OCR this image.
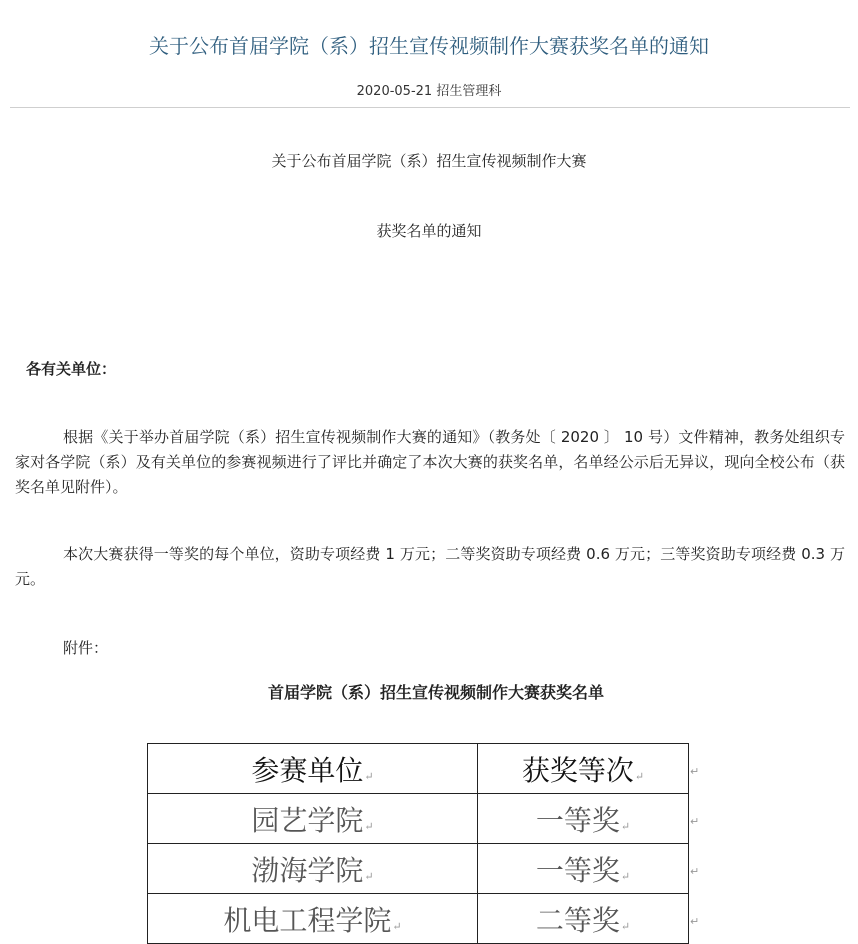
关于公布首届学院（系）招生宣传视频制作大赛获奖名单的通知
2020-05-21 招生管理科
关于公布首届学院（系）招生宣传视频制作大赛
获奖名单的通知
各有关单位：

根据《关于举办首届学院（系）招生宣传视频制作大赛的通知》（教务处〔 2020 〕 10 号）文件精神，教务处组织专家对各学院（系）及有关单位的参赛视频进行了评比并确定了本次大赛的获奖名单，名单经公示后无异议，现向全校公布（获奖名单见附件）。

本次大赛获得一等奖的每个单位，资助专项经费 1 万元；二等奖资助专项经费 0.6 万元；三等奖资助专项经费 0.3 万元。

附件：
首届学院（系）招生宣传视频制作大赛获奖名单
参赛单位↵	获奖等次↵
园艺学院↵	一等奖↵
渤海学院↵	一等奖↵
机电工程学院↵	二等奖↵
↵
↵
↵
↵
